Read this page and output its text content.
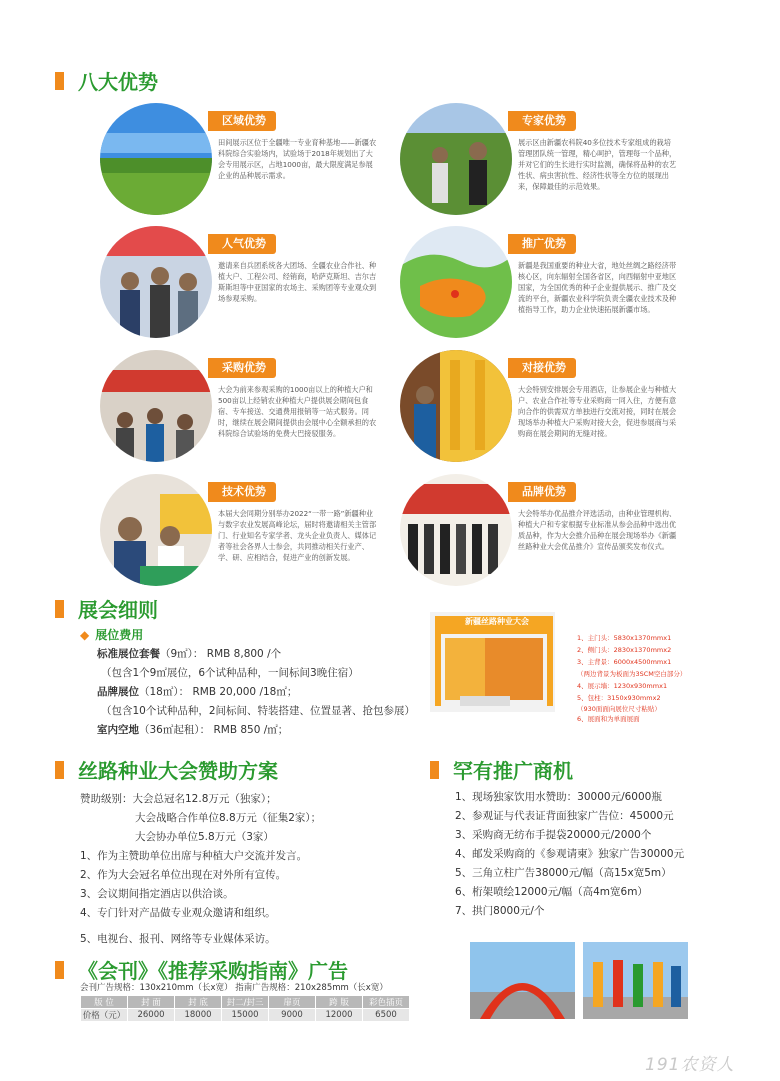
八大优势
区域优势
田间展示区位于全疆唯一专业育种基地——新疆农科院综合实验场内，试验场于2018年规划出了大会专用展示区，占地1000亩，最大限度满足参展企业的品种展示需求。
人气优势
邀请来自兵团系统各大团场、全疆农业合作社、种植大户、工程公司、经销商，哈萨克斯坦、吉尔吉斯斯坦等中亚国家的农场主、采购团等专业观众到场参观采购。
采购优势
大会为前来参观采购的1000亩以上的种植大户和500亩以上经销农业种植大户提供展会期间包食宿、专车接送、交通费用报销等一站式服务。同时，继续在展会期间提供由会展中心全额承担的农科院综合试验场的免费大巴接驳服务。
技术优势
本届大会同期分别举办2022“一带一路”新疆种业与数字农业发展高峰论坛，届时将邀请相关主管部门、行业知名专家学者、龙头企业负责人、媒体记者等社会各界人士参会，共同推动相关行业产、学、研、应相结合，促进产业的创新发展。
专家优势
展示区由新疆农科院40多位技术专家组成的栽培管理团队统一管理，精心呵护，管理每一个品种，并对它们的生长进行实时监测，确保将品种的农艺性状、病虫害抗性、经济性状等全方位的展现出来，保障最佳的示范效果。
推广优势
新疆是我国重要的种业大省，地处丝绸之路经济带核心区，向东辐射全国各省区，向西辐射中亚地区国家，为全国优秀的种子企业提供展示、推广及交流的平台，新疆农业科学院负责全疆农业技术及种植指导工作，助力企业快速拓展新疆市场。
对接优势
大会特别安排展会专用酒店，让参展企业与种植大户、农业合作社等专业采购商一同入住，方便有意向合作的供需双方单独进行交流对接，同时在展会现场举办种植大户采购对接大会，促进参展商与采购商在展会期间的无缝对接。
品牌优势
大会特举办优品推介评选活动，由种业管理机构、种植大户和专家根据专业标准从参会品种中选出优质品种，作为大会推介品种在展会现场举办《新疆丝路种业大会优品推介》宣传品颁奖发布仪式。
展会细则
◆ 展位费用
标准展位套餐（9㎡）： RMB 8,800 /个
（包含1个9㎡展位，6个试种品种，一间标间3晚住宿）
品牌展位（18㎡）： RMB 20,000 /18㎡；
（包含10个试种品种，2间标间、特装搭建、位置显著、抢包参展）
室内空地（36㎡起租）： RMB 850 /㎡；
新疆丝路种业大会
1、主门头：5830x1370mmx1
2、侧门头：2830x1370mmx2
3、主背景：6000x4500mmx1
（两边背景为板面为3SCM空白部分）
4、展示墙：1230x930mmx1
5、包柱：3150x930mmx2
（930面面向展位尺寸粘贴）
6、展面和为单面展面
丝路种业大会赞助方案
赞助级别：大会总冠名12.8万元（独家）；
大会战略合作单位8.8万元（征集2家）；
大会协办单位5.8万元（3家）
1、作为主赞助单位出席与种植大户交流并发言。
2、作为大会冠名单位出现在对外所有宣传。
3、会议期间指定酒店以供洽谈。
4、专门针对产品做专业观众邀请和组织。
5、电视台、报刊、网络等专业媒体采访。
罕有推广商机
1、现场独家饮用水赞助：30000元/6000瓶
2、参观证与代表证背面独家广告位：45000元
3、采购商无纺布手提袋20000元/2000个
4、邮发采购商的《参观请柬》独家广告30000元
5、三角立柱广告38000元/幅（高15x宽5m）
6、桁架喷绘12000元/幅（高4m宽6m）
7、拱门8000元/个
《会刊》《推荐采购指南》广告
会刊广告规格：130x210mm（长x宽） 指南广告规格：210x285mm（长x宽）
版 位	封 面	封 底	封二/封三	扉页	跨 版	彩色插页
价格（元）	26000	18000	15000	9000	12000	6500
191农资人
